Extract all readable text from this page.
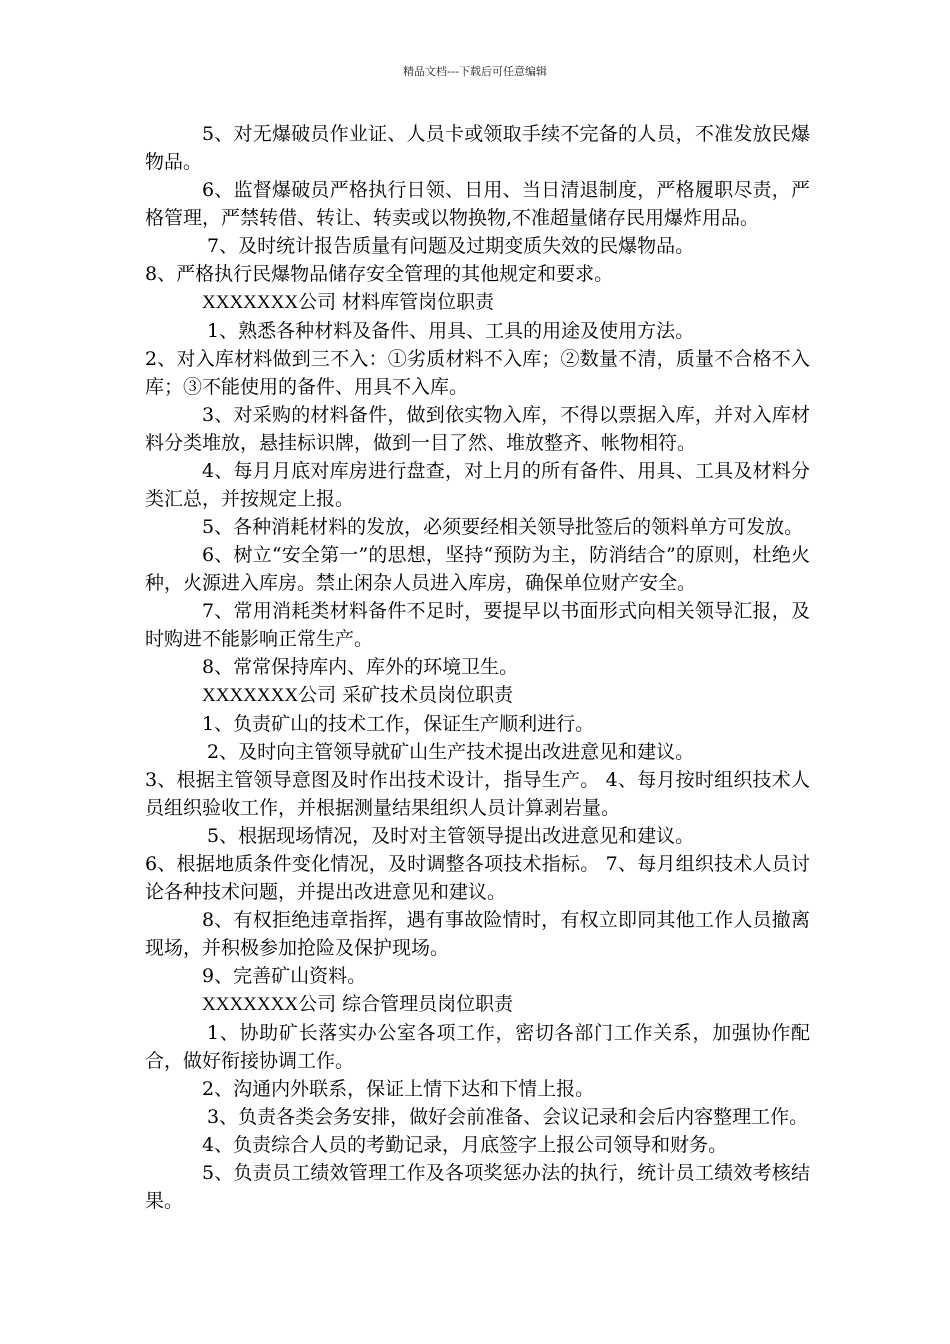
精品文档---下载后可任意编辑

5、对无爆破员作业证、人员卡或领取手续不完备的人员，不准发放民爆物品。

6、监督爆破员严格执行日领、日用、当日清退制度，严格履职尽责，严格管理，严禁转借、转让、转卖或以物换物,不准超量储存民用爆炸用品。

7、及时统计报告质量有问题及过期变质失效的民爆物品。

8、严格执行民爆物品储存安全管理的其他规定和要求。

XXXXXXX公司 材料库管岗位职责

1、熟悉各种材料及备件、用具、工具的用途及使用方法。

2、对入库材料做到三不入：①劣质材料不入库；②数量不清，质量不合格不入库；③不能使用的备件、用具不入库。

3、对采购的材料备件，做到依实物入库，不得以票据入库，并对入库材料分类堆放，悬挂标识牌，做到一目了然、堆放整齐、帐物相符。

4、每月月底对库房进行盘查，对上月的所有备件、用具、工具及材料分类汇总，并按规定上报。

5、各种消耗材料的发放，必须要经相关领导批签后的领料单方可发放。

6、树立“安全第一”的思想，坚持“预防为主，防消结合”的原则，杜绝火种，火源进入库房。禁止闲杂人员进入库房，确保单位财产安全。

7、常用消耗类材料备件不足时，要提早以书面形式向相关领导汇报，及时购进不能影响正常生产。

8、常常保持库内、库外的环境卫生。

XXXXXXX公司 采矿技术员岗位职责

1、负责矿山的技术工作，保证生产顺利进行。

2、及时向主管领导就矿山生产技术提出改进意见和建议。

3、根据主管领导意图及时作出技术设计，指导生产。 4、每月按时组织技术人员组织验收工作，并根据测量结果组织人员计算剥岩量。

5、根据现场情况，及时对主管领导提出改进意见和建议。

6、根据地质条件变化情况，及时调整各项技术指标。 7、每月组织技术人员讨论各种技术问题，并提出改进意见和建议。

8、有权拒绝违章指挥，遇有事故险情时，有权立即同其他工作人员撤离现场，并积极参加抢险及保护现场。

9、完善矿山资料。

XXXXXXX公司 综合管理员岗位职责

1、协助矿长落实办公室各项工作，密切各部门工作关系，加强协作配合，做好衔接协调工作。

2、沟通内外联系，保证上情下达和下情上报。

3、负责各类会务安排，做好会前准备、会议记录和会后内容整理工作。

4、负责综合人员的考勤记录，月底签字上报公司领导和财务。

5、负责员工绩效管理工作及各项奖惩办法的执行，统计员工绩效考核结果。
